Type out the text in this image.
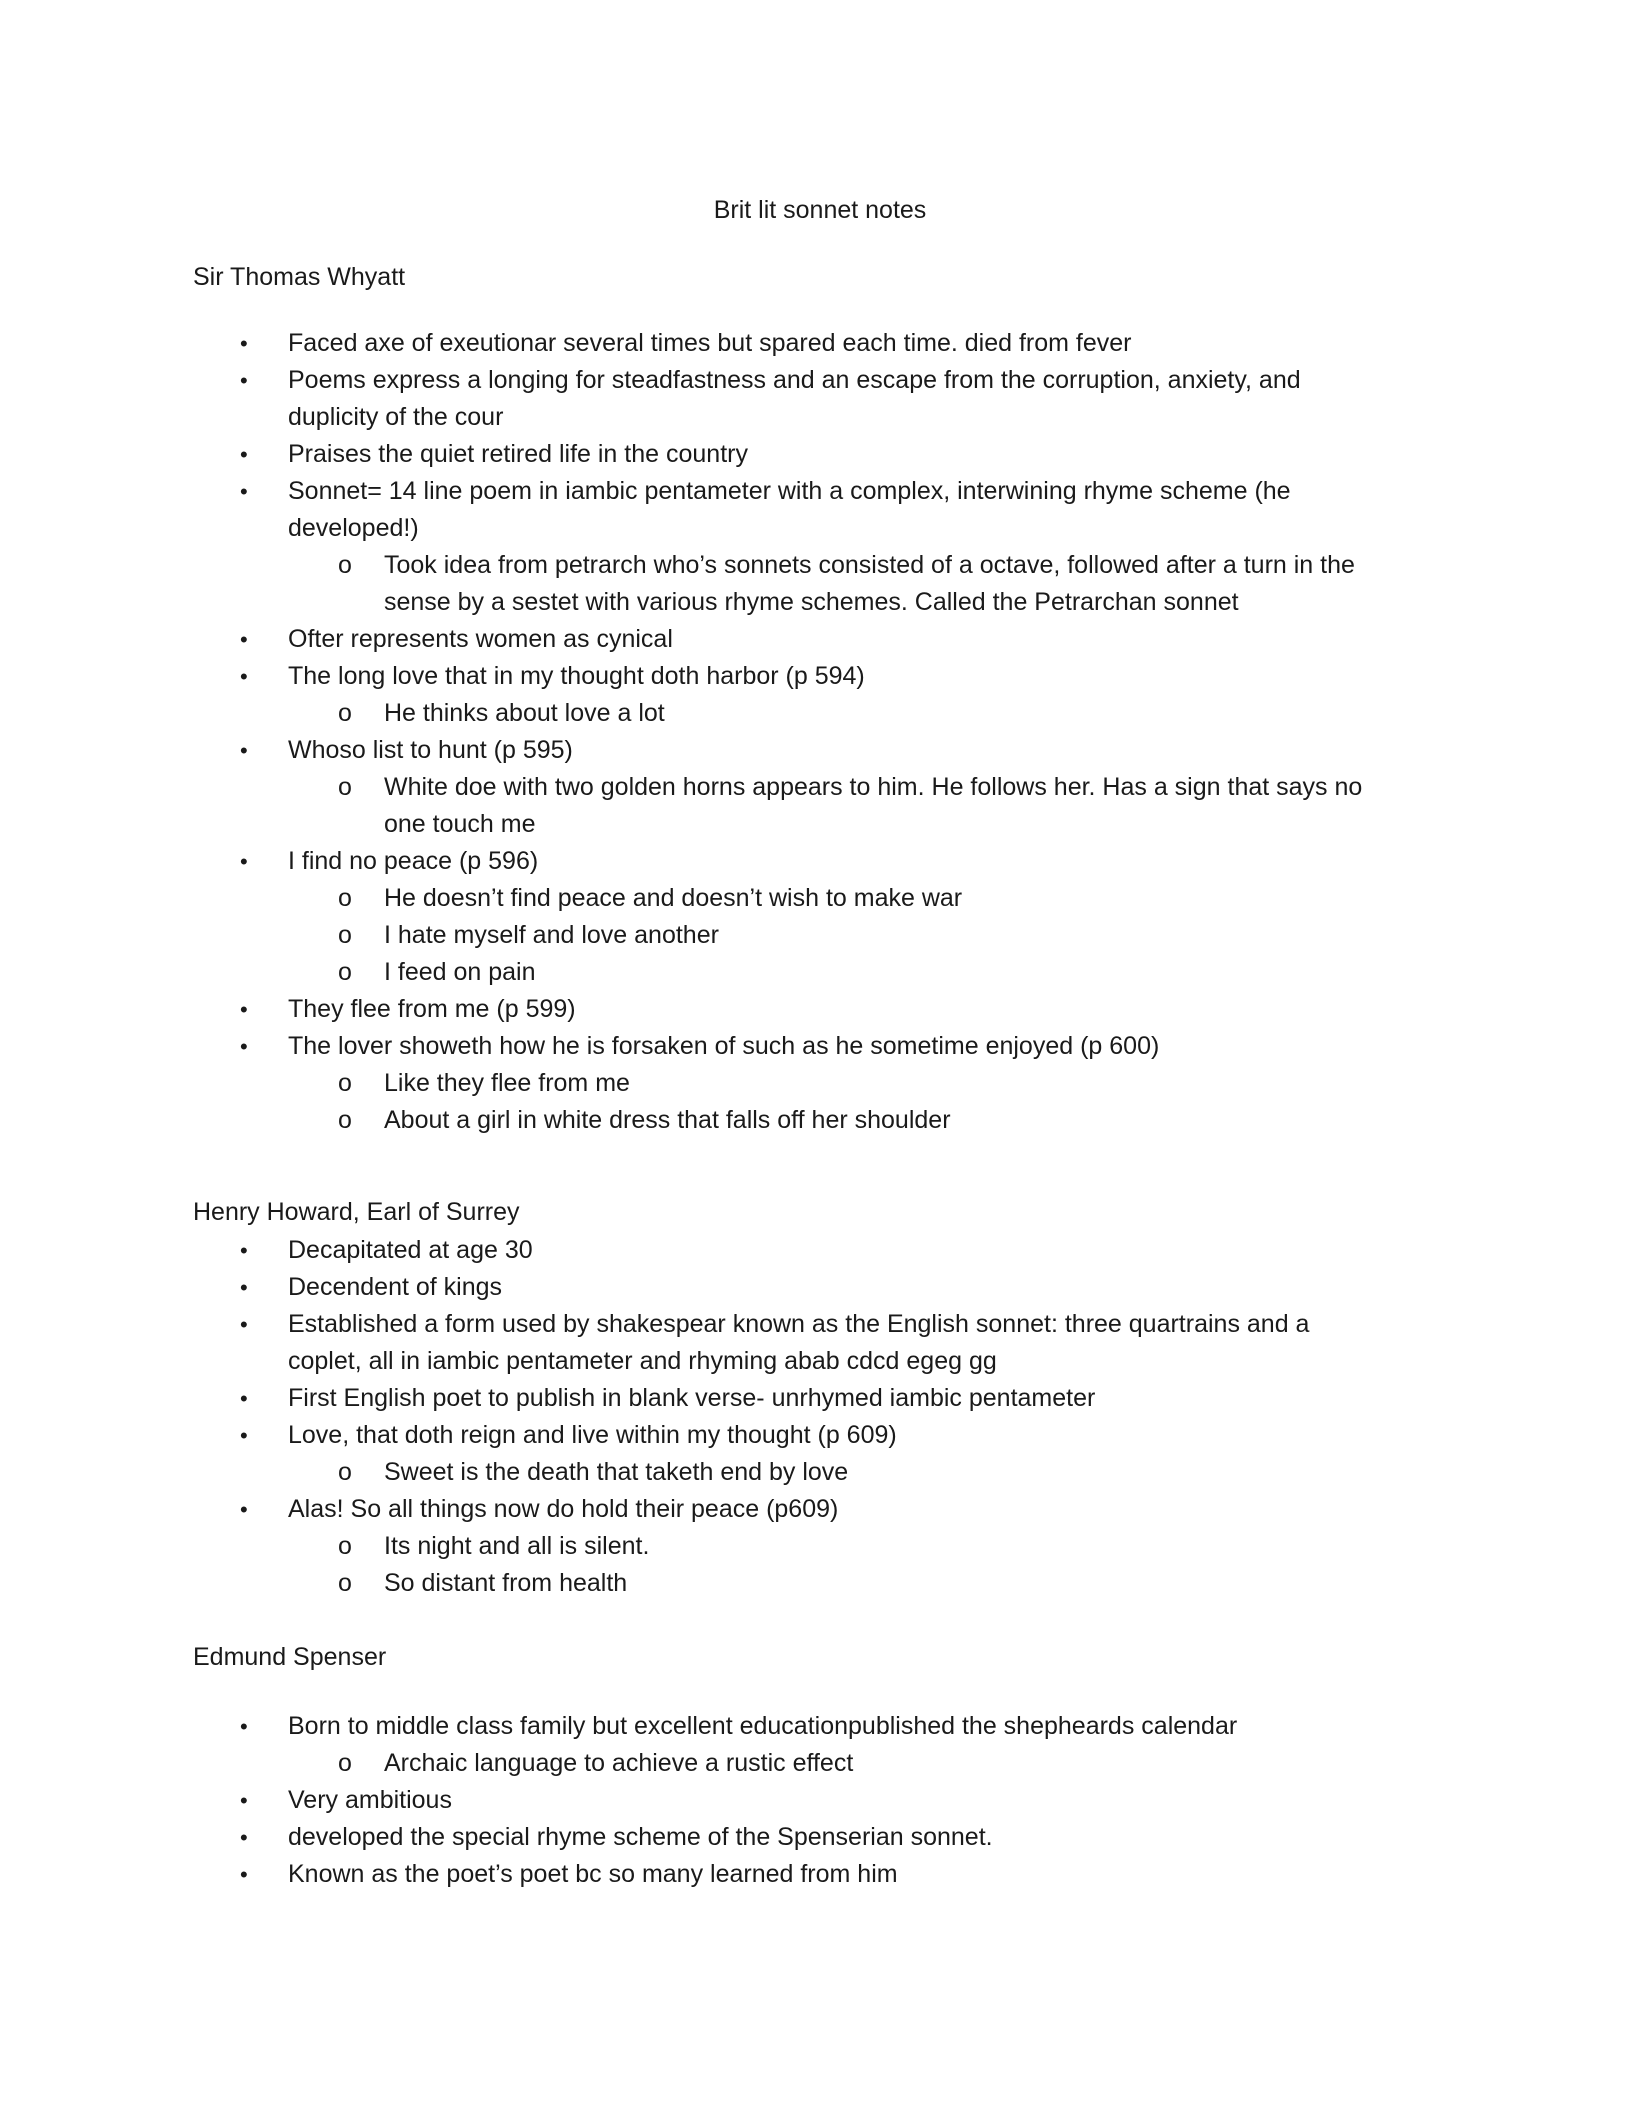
Brit lit sonnet notes
Sir Thomas Whyatt
• Faced axe of exeutionar several times but spared each time. died from fever
• Poems express a longing for steadfastness and an escape from the corruption, anxiety, and
duplicity of the cour
• Praises the quiet retired life in the country
• Sonnet= 14 line poem in iambic pentameter with a complex, interwining rhyme scheme (he
developed!)
o Took idea from petrarch who’s sonnets consisted of a octave, followed after a turn in the
sense by a sestet with various rhyme schemes. Called the Petrarchan sonnet
• Ofter represents women as cynical
• The long love that in my thought doth harbor (p 594)
o He thinks about love a lot
• Whoso list to hunt (p 595)
o White doe with two golden horns appears to him. He follows her. Has a sign that says no
one touch me
• I find no peace (p 596)
o He doesn’t find peace and doesn’t wish to make war
o I hate myself and love another
o I feed on pain
• They flee from me (p 599)
• The lover showeth how he is forsaken of such as he sometime enjoyed (p 600)
o Like they flee from me
o About a girl in white dress that falls off her shoulder
Henry Howard, Earl of Surrey
• Decapitated at age 30
• Decendent of kings
• Established a form used by shakespear known as the English sonnet: three quartrains and a
coplet, all in iambic pentameter and rhyming abab cdcd egeg gg
• First English poet to publish in blank verse- unrhymed iambic pentameter
• Love, that doth reign and live within my thought (p 609)
o Sweet is the death that taketh end by love
• Alas! So all things now do hold their peace (p609)
o Its night and all is silent.
o So distant from health
Edmund Spenser
• Born to middle class family but excellent educationpublished the shepheards calendar
o Archaic language to achieve a rustic effect
• Very ambitious
• developed the special rhyme scheme of the Spenserian sonnet.
• Known as the poet’s poet bc so many learned from him
